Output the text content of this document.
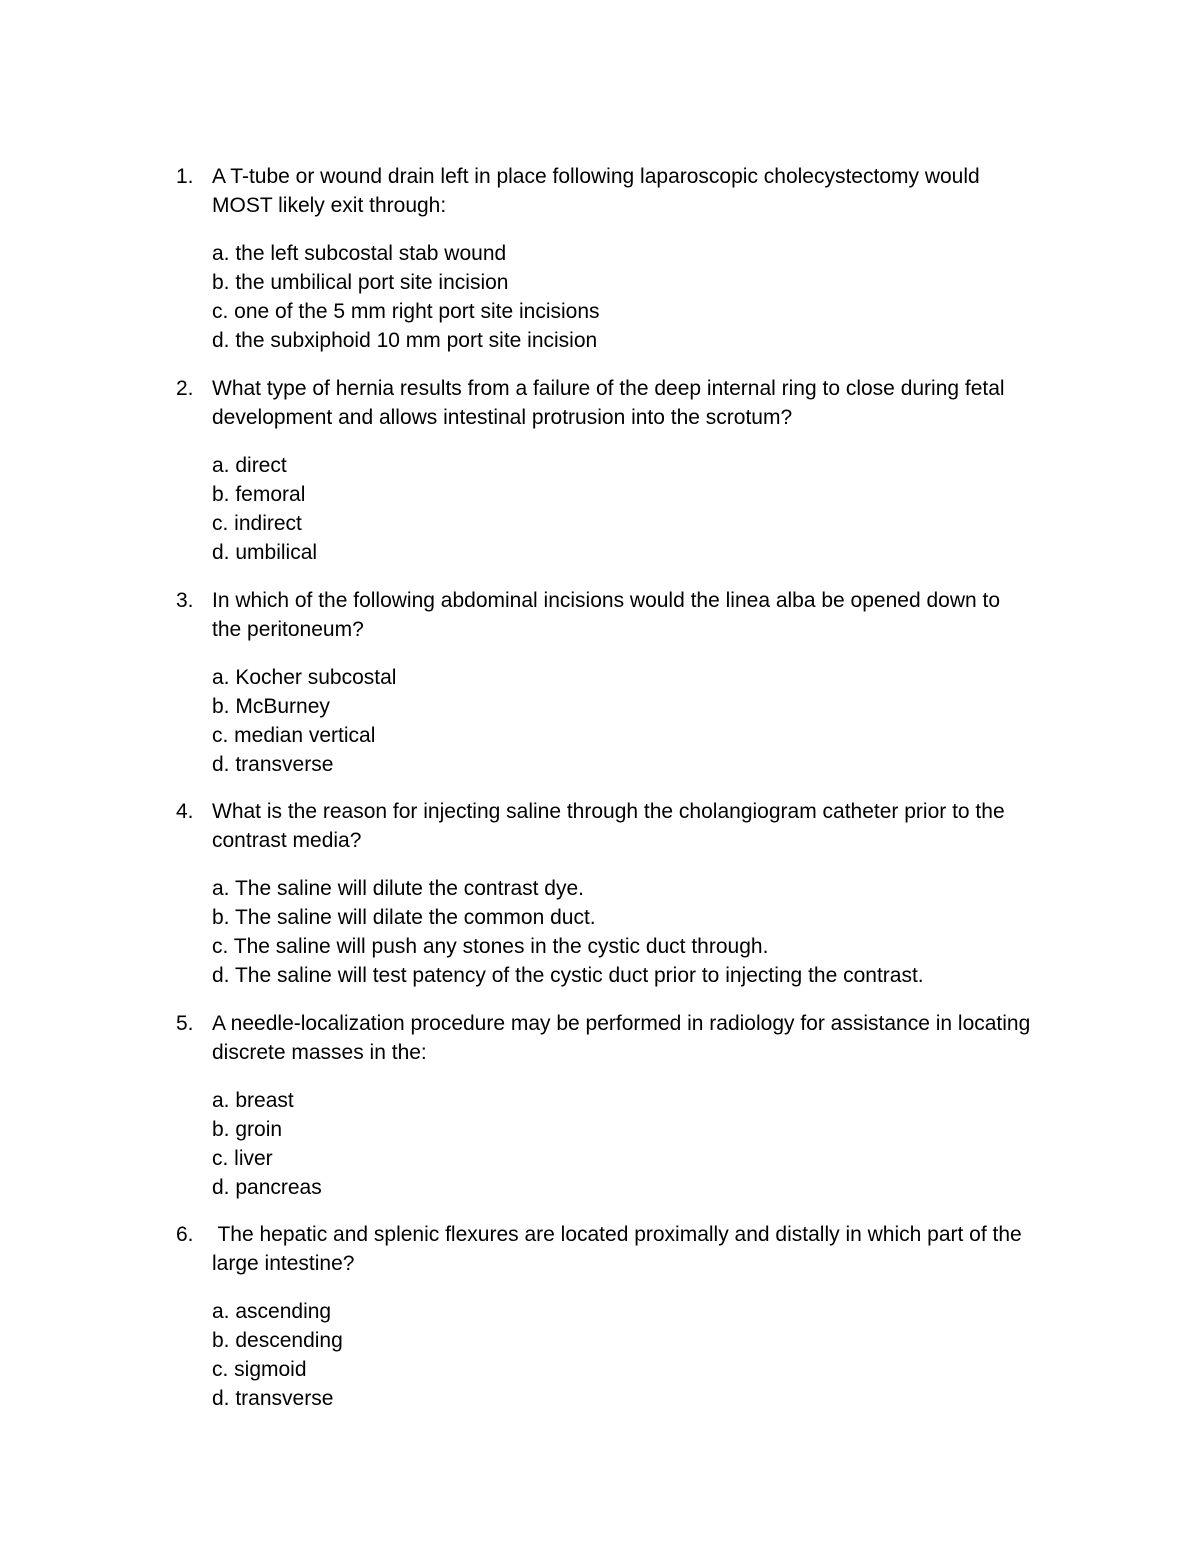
1. A T-tube or wound drain left in place following laparoscopic cholecystectomy would
MOST likely exit through:
a. the left subcostal stab wound
b. the umbilical port site incision
c. one of the 5 mm right port site incisions
d. the subxiphoid 10 mm port site incision
2. What type of hernia results from a failure of the deep internal ring to close during fetal
development and allows intestinal protrusion into the scrotum?
a. direct
b. femoral
c. indirect
d. umbilical
3. In which of the following abdominal incisions would the linea alba be opened down to
the peritoneum?
a. Kocher subcostal
b. McBurney
c. median vertical
d. transverse
4. What is the reason for injecting saline through the cholangiogram catheter prior to the
contrast media?
a. The saline will dilute the contrast dye.
b. The saline will dilate the common duct.
c. The saline will push any stones in the cystic duct through.
d. The saline will test patency of the cystic duct prior to injecting the contrast.
5. A needle-localization procedure may be performed in radiology for assistance in locating
discrete masses in the:
a. breast
b. groin
c. liver
d. pancreas
6. The hepatic and splenic flexures are located proximally and distally in which part of the
large intestine?
a. ascending
b. descending
c. sigmoid
d. transverse
